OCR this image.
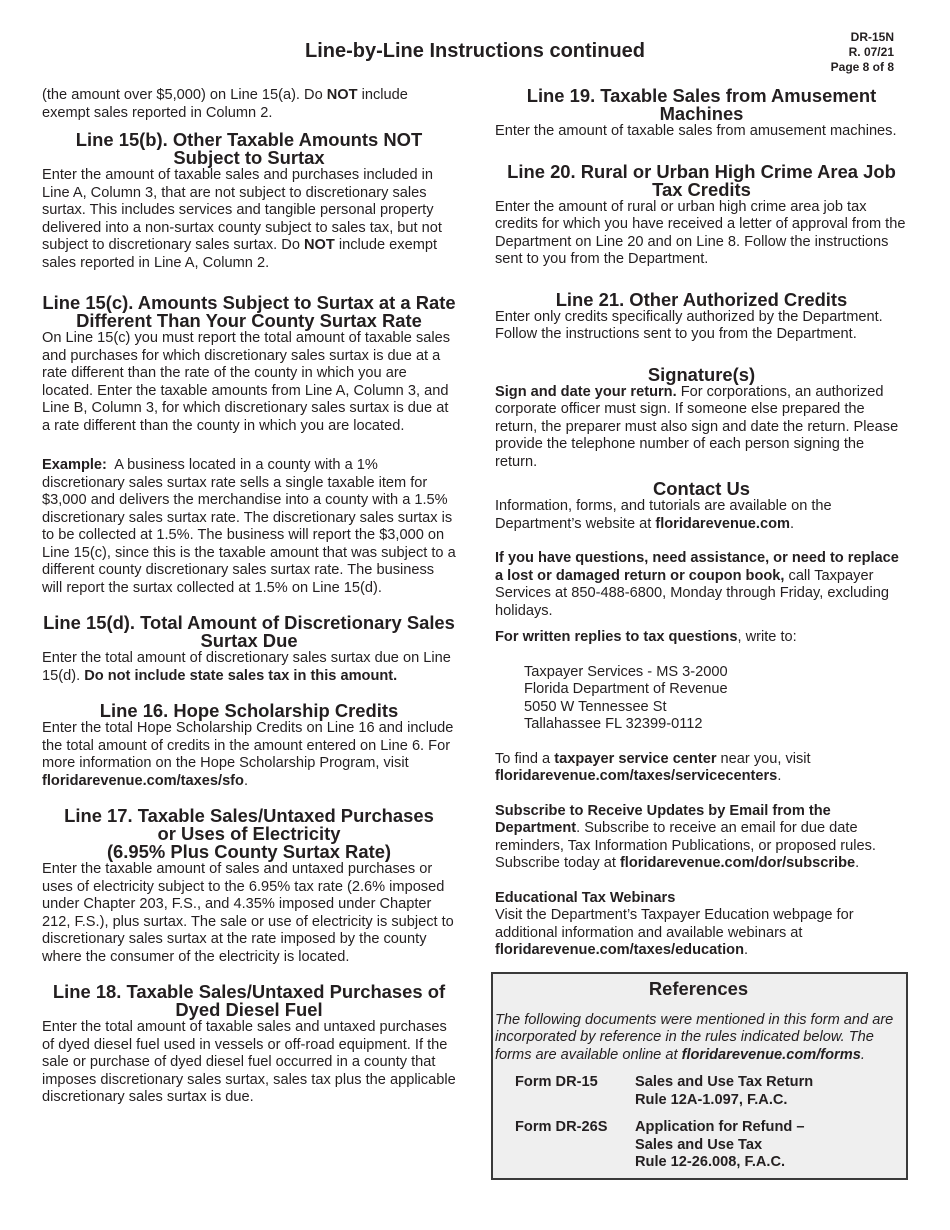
Line-by-Line Instructions continued
DR-15N
R. 07/21
Page 8 of 8

(the amount over $5,000) on Line 15(a). Do NOT include exempt sales reported in Column 2.

Line 15(b). Other Taxable Amounts NOT Subject to Surtax

Enter the amount of taxable sales and purchases included in Line A, Column 3, that are not subject to discretionary sales surtax. This includes services and tangible personal property delivered into a non-surtax county subject to sales tax, but not subject to discretionary sales surtax. Do NOT include exempt sales reported in Line A, Column 2.

Line 15(c). Amounts Subject to Surtax at a Rate Different Than Your County Surtax Rate

On Line 15(c) you must report the total amount of taxable sales and purchases for which discretionary sales surtax is due at a rate different than the rate of the county in which you are located. Enter the taxable amounts from Line A, Column 3, and Line B, Column 3, for which discretionary sales surtax is due at a rate different than the county in which you are located.

Example:  A business located in a county with a 1% discretionary sales surtax rate sells a single taxable item for $3,000 and delivers the merchandise into a county with a 1.5% discretionary sales surtax rate. The discretionary sales surtax is to be collected at 1.5%. The business will report the $3,000 on Line 15(c), since this is the taxable amount that was subject to a different county discretionary sales surtax rate. The business will report the surtax collected at 1.5% on Line 15(d).

Line 15(d). Total Amount of Discretionary Sales Surtax Due

Enter the total amount of discretionary sales surtax due on Line 15(d). Do not include state sales tax in this amount.

Line 16. Hope Scholarship Credits

Enter the total Hope Scholarship Credits on Line 16 and include the total amount of credits in the amount entered on Line 6. For more information on the Hope Scholarship Program, visit floridarevenue.com/taxes/sfo.

Line 17. Taxable Sales/Untaxed Purchases
or Uses of Electricity
(6.95% Plus County Surtax Rate)

Enter the taxable amount of sales and untaxed purchases or uses of electricity subject to the 6.95% tax rate (2.6% imposed under Chapter 203, F.S., and 4.35% imposed under Chapter 212, F.S.), plus surtax. The sale or use of electricity is subject to discretionary sales surtax at the rate imposed by the county where the consumer of the electricity is located.

Line 18. Taxable Sales/Untaxed Purchases of Dyed Diesel Fuel

Enter the total amount of taxable sales and untaxed purchases of dyed diesel fuel used in vessels or off-road equipment. If the sale or purchase of dyed diesel fuel occurred in a county that imposes discretionary sales surtax, sales tax plus the applicable discretionary sales surtax is due.

Line 19. Taxable Sales from Amusement Machines

Enter the amount of taxable sales from amusement machines.

Line 20. Rural or Urban High Crime Area Job Tax Credits

Enter the amount of rural or urban high crime area job tax credits for which you have received a letter of approval from the Department on Line 20 and on Line 8. Follow the instructions sent to you from the Department.

Line 21. Other Authorized Credits

Enter only credits specifically authorized by the Department. Follow the instructions sent to you from the Department.

Signature(s)

Sign and date your return. For corporations, an authorized corporate officer must sign. If someone else prepared the return, the preparer must also sign and date the return. Please provide the telephone number of each person signing the return.

Contact Us

Information, forms, and tutorials are available on the Department’s website at floridarevenue.com.

If you have questions, need assistance, or need to replace a lost or damaged return or coupon book, call Taxpayer Services at 850-488-6800, Monday through Friday, excluding holidays.

For written replies to tax questions, write to:

Taxpayer Services - MS 3-2000
Florida Department of Revenue
5050 W Tennessee St
Tallahassee FL 32399-0112

To find a taxpayer service center near you, visit floridarevenue.com/taxes/servicecenters.

Subscribe to Receive Updates by Email from the Department. Subscribe to receive an email for due date reminders, Tax Information Publications, or proposed rules. Subscribe today at floridarevenue.com/dor/subscribe.

Educational Tax Webinars

Visit the Department’s Taxpayer Education webpage for additional information and available webinars at floridarevenue.com/taxes/education.

References

The following documents were mentioned in this form and are incorporated by reference in the rules indicated below. The forms are available online at floridarevenue.com/forms.

Form DR-15	Sales and Use Tax Return
Rule 12A-1.097, F.A.C.
Form DR-26S	Application for Refund –
Sales and Use Tax
Rule 12-26.008, F.A.C.
